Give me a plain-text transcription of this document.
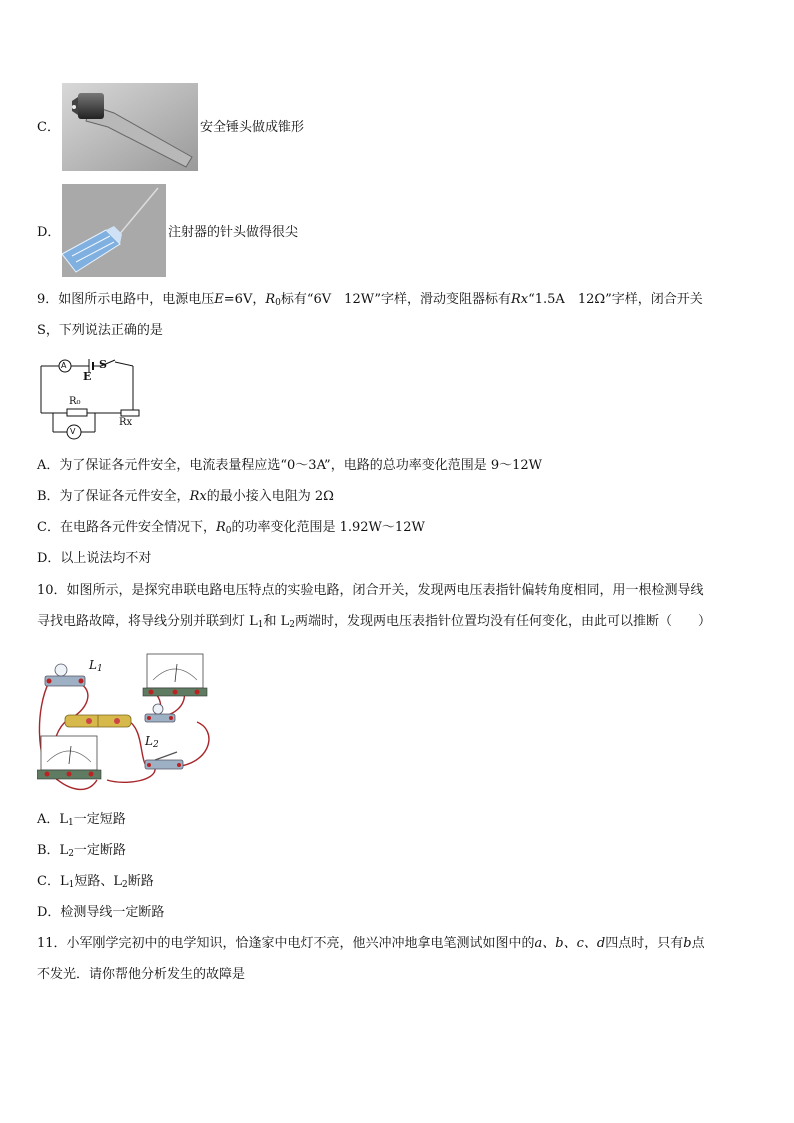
C．	安全锤头做成锥形
D．	注射器的针头做得很尖
9．如图所示电路中，电源电压E=6V，$R_0$标有“6V　12W”字样，滑动变阻器标有Rx“1.5A　12Ω”字样，闭合开关
S，下列说法正确的是
A
V
E
S
R₀
Rx
A．为了保证各元件安全，电流表量程应选“0～3A”，电路的总功率变化范围是 9～12W
B．为了保证各元件安全，Rx的最小接入电阻为 2Ω
C．在电路各元件安全情况下，$R_0$的功率变化范围是 1.92W～12W
D．以上说法均不对
10．如图所示，是探究串联电路电压特点的实验电路，闭合开关，发现两电压表指针偏转角度相同，用一根检测导线
寻找电路故障，将导线分别并联到灯 $L_1$和 $L_2$两端时，发现两电压表指针位置均没有任何变化，由此可以推断（　　）
$L_1$
$L_2$
A．$L_1$一定短路
B．$L_2$一定断路
C．$L_1$短路、$L_2$断路
D．检测导线一定断路
11．小军刚学完初中的电学知识，恰逢家中电灯不亮，他兴冲冲地拿电笔测试如图中的a、b、c、d四点时，只有b点
不发光．请你帮他分析发生的故障是
